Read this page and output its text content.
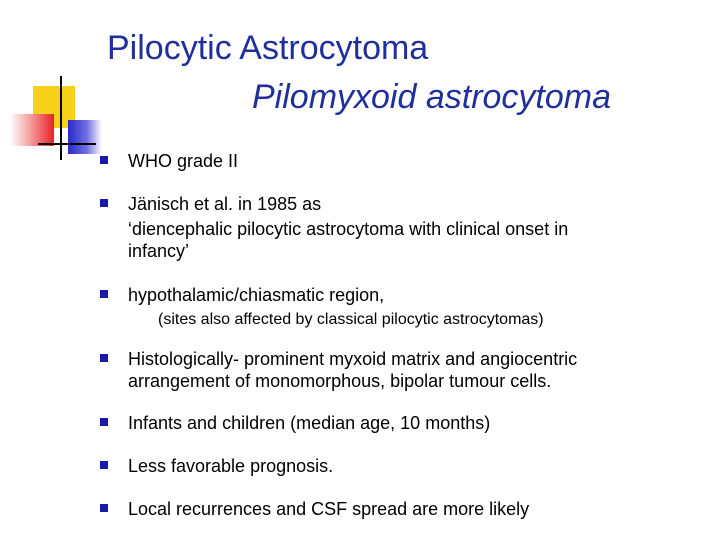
Pilocytic Astrocytoma
Pilomyxoid astrocytoma
WHO grade II
Jänisch et al. in 1985 as
‘diencephalic pilocytic astrocytoma with clinical onset in
infancy’
hypothalamic/chiasmatic region,
(sites also affected by classical pilocytic astrocytomas)
Histologically- prominent myxoid matrix and angiocentric
arrangement of monomorphous, bipolar tumour cells.
Infants and children (median age, 10 months)
Less favorable prognosis.
Local recurrences and CSF spread are more likely
